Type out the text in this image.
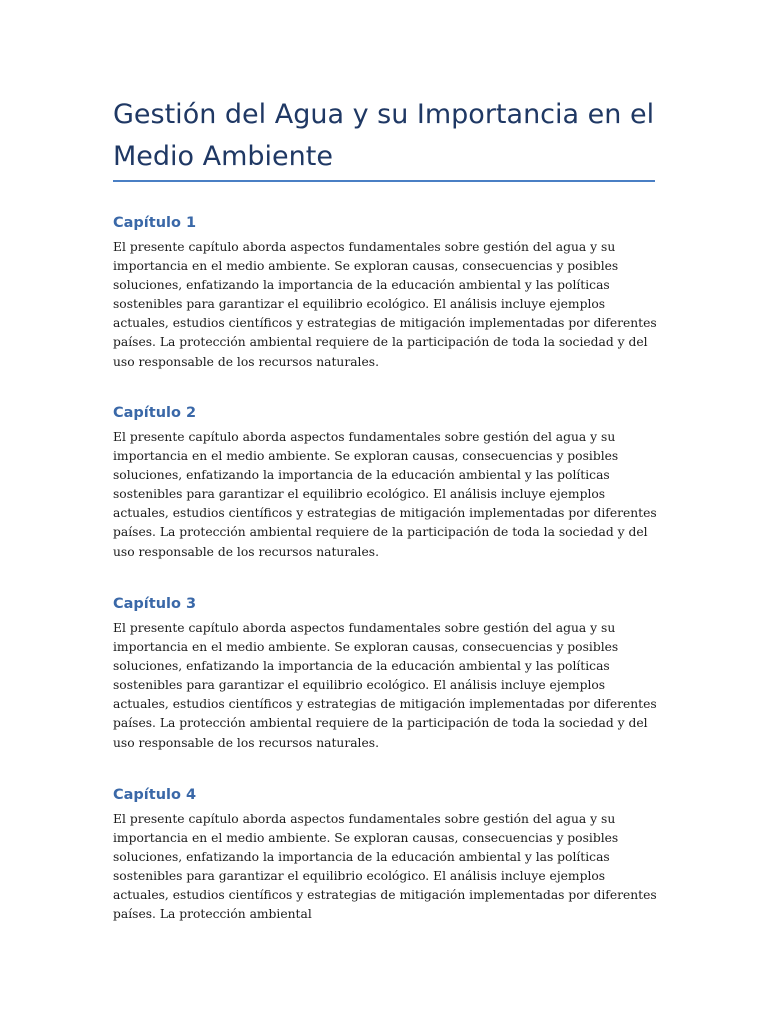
Gestión del Agua y su Importancia en el Medio Ambiente
Capítulo 1

El presente capítulo aborda aspectos fundamentales sobre gestión del agua y su importancia en el medio ambiente. Se exploran causas, consecuencias y posibles soluciones, enfatizando la importancia de la educación ambiental y las políticas sostenibles para garantizar el equilibrio ecológico. El análisis incluye ejemplos actuales, estudios científicos y estrategias de mitigación implementadas por diferentes países. La protección ambiental requiere de la participación de toda la sociedad y del uso responsable de los recursos naturales.

Capítulo 2

El presente capítulo aborda aspectos fundamentales sobre gestión del agua y su importancia en el medio ambiente. Se exploran causas, consecuencias y posibles soluciones, enfatizando la importancia de la educación ambiental y las políticas sostenibles para garantizar el equilibrio ecológico. El análisis incluye ejemplos actuales, estudios científicos y estrategias de mitigación implementadas por diferentes países. La protección ambiental requiere de la participación de toda la sociedad y del uso responsable de los recursos naturales.

Capítulo 3

El presente capítulo aborda aspectos fundamentales sobre gestión del agua y su importancia en el medio ambiente. Se exploran causas, consecuencias y posibles soluciones, enfatizando la importancia de la educación ambiental y las políticas sostenibles para garantizar el equilibrio ecológico. El análisis incluye ejemplos actuales, estudios científicos y estrategias de mitigación implementadas por diferentes países. La protección ambiental requiere de la participación de toda la sociedad y del uso responsable de los recursos naturales.

Capítulo 4

El presente capítulo aborda aspectos fundamentales sobre gestión del agua y su importancia en el medio ambiente. Se exploran causas, consecuencias y posibles soluciones, enfatizando la importancia de la educación ambiental y las políticas sostenibles para garantizar el equilibrio ecológico. El análisis incluye ejemplos actuales, estudios científicos y estrategias de mitigación implementadas por diferentes países. La protección ambiental
